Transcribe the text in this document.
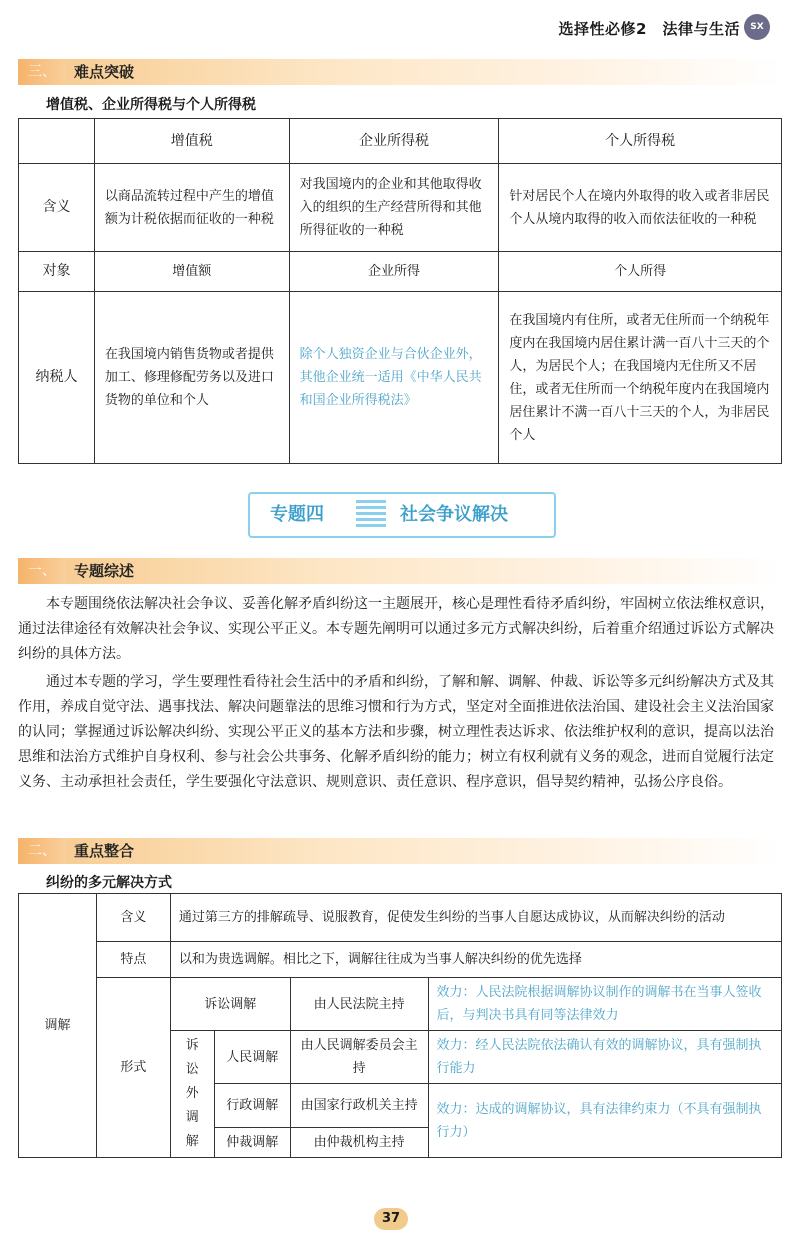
选择性必修2　法律与生活	SX
三、	难点突破
增值税、企业所得税与个人所得税
	增值税	企业所得税	个人所得税
含义	以商品流转过程中产生的增值额为计税依据而征收的一种税	对我国境内的企业和其他取得收入的组织的生产经营所得和其他所得征收的一种税	针对居民个人在境内外取得的收入或者非居民个人从境内取得的收入而依法征收的一种税
对象	增值额	企业所得	个人所得
纳税人	在我国境内销售货物或者提供加工、修理修配劳务以及进口货物的单位和个人	除个人独资企业与合伙企业外，其他企业统一适用《中华人民共和国企业所得税法》	在我国境内有住所，或者无住所而一个纳税年度内在我国境内居住累计满一百八十三天的个人，为居民个人；在我国境内无住所又不居住，或者无住所而一个纳税年度内在我国境内居住累计不满一百八十三天的个人，为非居民个人
专题四	社会争议解决
一、	专题综述

本专题围绕依法解决社会争议、妥善化解矛盾纠纷这一主题展开，核心是理性看待矛盾纠纷，牢固树立依法维权意识，通过法律途径有效解决社会争议、实现公平正义。本专题先阐明可以通过多元方式解决纠纷，后着重介绍通过诉讼方式解决纠纷的具体方法。

通过本专题的学习，学生要理性看待社会生活中的矛盾和纠纷，了解和解、调解、仲裁、诉讼等多元纠纷解决方式及其作用，养成自觉守法、遇事找法、解决问题靠法的思维习惯和行为方式，坚定对全面推进依法治国、建设社会主义法治国家的认同；掌握通过诉讼解决纠纷、实现公平正义的基本方法和步骤，树立理性表达诉求、依法维护权利的意识，提高以法治思维和法治方式维护自身权利、参与社会公共事务、化解矛盾纠纷的能力；树立有权利就有义务的观念，进而自觉履行法定义务、主动承担社会责任，学生要强化守法意识、规则意识、责任意识、程序意识，倡导契约精神，弘扬公序良俗。

二、	重点整合
纠纷的多元解决方式
调解	含义	通过第三方的排解疏导、说服教育，促使发生纠纷的当事人自愿达成协议，从而解决纠纷的活动			
	特点	以和为贵选调解。相比之下，调解往往成为当事人解决纠纷的优先选择			
	形式	诉讼调解		由人民法院主持	效力：人民法院根据调解协议制作的调解书在当事人签收后，与判决书具有同等法律效力
		诉
讼
外
调
解	人民调解	由人民调解委员会主持	效力：经人民法院依法确认有效的调解协议，具有强制执行能力
			行政调解	由国家行政机关主持	效力：达成的调解协议，具有法律约束力（不具有强制执行力）
			仲裁调解	由仲裁机构主持	
37
